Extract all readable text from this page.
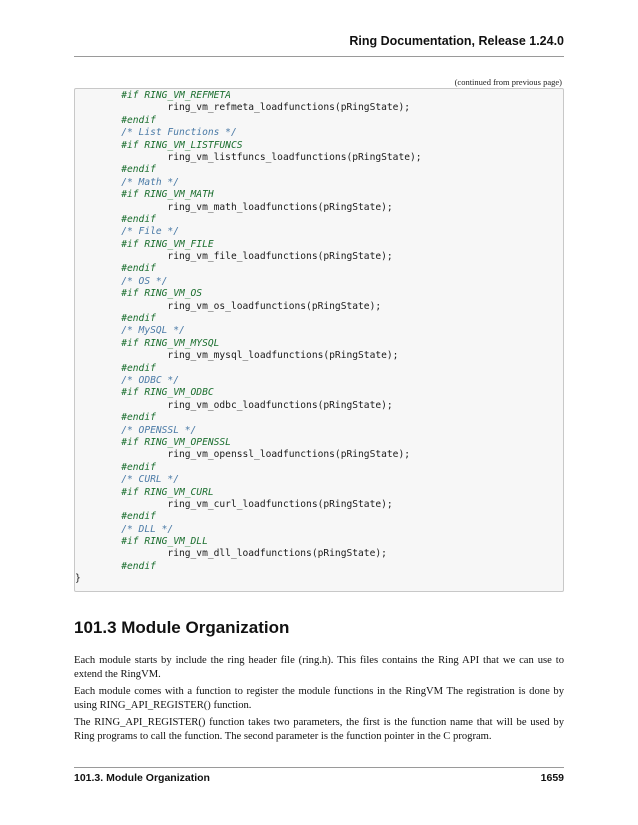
Ring Documentation, Release 1.24.0
(continued from previous page)
#if RING_VM_REFMETA
ring_vm_refmeta_loadfunctions(pRingState);
#endif
/* List Functions */
#if RING_VM_LISTFUNCS
ring_vm_listfuncs_loadfunctions(pRingState);
#endif
/* Math */
#if RING_VM_MATH
ring_vm_math_loadfunctions(pRingState);
#endif
/* File */
#if RING_VM_FILE
ring_vm_file_loadfunctions(pRingState);
#endif
/* OS */
#if RING_VM_OS
ring_vm_os_loadfunctions(pRingState);
#endif
/* MySQL */
#if RING_VM_MYSQL
ring_vm_mysql_loadfunctions(pRingState);
#endif
/* ODBC */
#if RING_VM_ODBC
ring_vm_odbc_loadfunctions(pRingState);
#endif
/* OPENSSL */
#if RING_VM_OPENSSL
ring_vm_openssl_loadfunctions(pRingState);
#endif
/* CURL */
#if RING_VM_CURL
ring_vm_curl_loadfunctions(pRingState);
#endif
/* DLL */
#if RING_VM_DLL
ring_vm_dll_loadfunctions(pRingState);
#endif
}
101.3 Module Organization

Each module starts by include the ring header file (ring.h). This files contains the Ring API that we can use to extend the RingVM.

Each module comes with a function to register the module functions in the RingVM The registration is done by using RING_API_REGISTER() function.

The RING_API_REGISTER() function takes two parameters, the first is the function name that will be used by Ring programs to call the function. The second parameter is the function pointer in the C program.

101.3. Module Organization	1659
